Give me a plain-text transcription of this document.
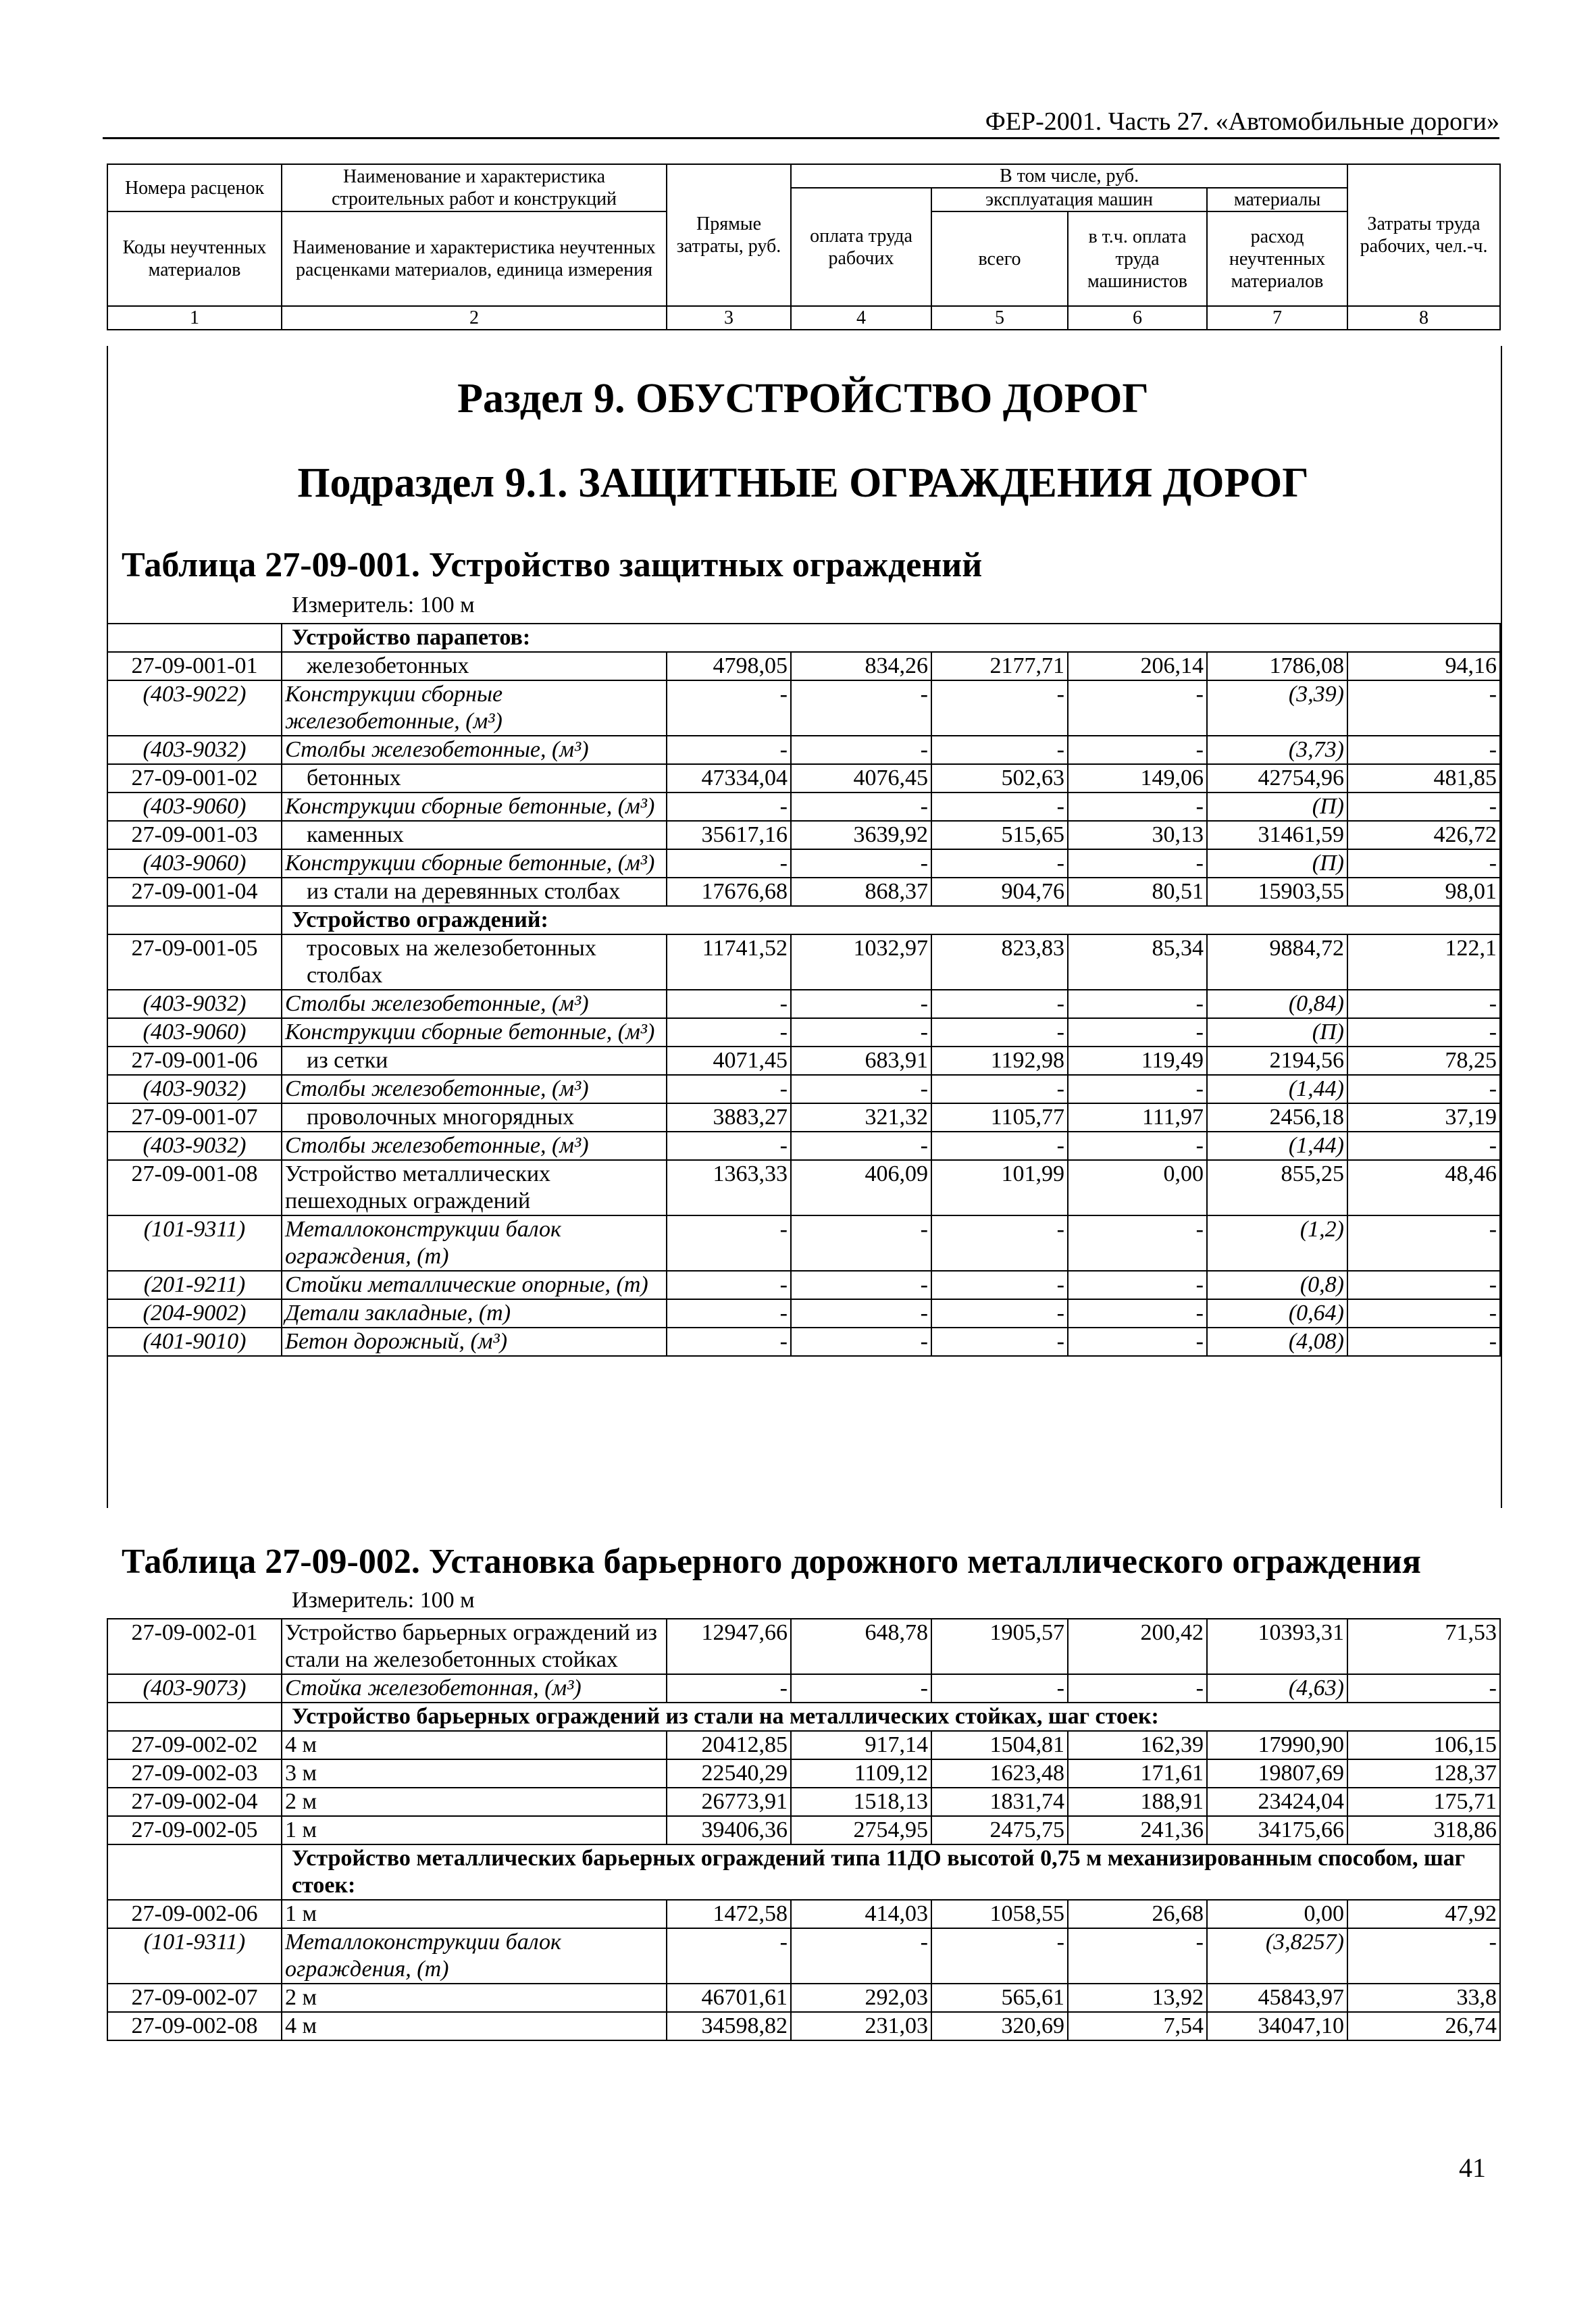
ФЕР-2001. Часть 27. «Автомобильные дороги»
Номера расценок	Наименование и характеристика строительных работ и конструкций	Прямые затраты, руб.	В том числе, руб.				Затраты труда рабочих, чел.-ч.
			оплата труда рабочих	эксплуатация машин		материалы	
Коды неучтенных материалов	Наименование и характеристика неучтенных расценками материалов, единица измерения			всего	в т.ч. оплата труда машинистов	расход неучтенных материалов	

1	2	3	4	5	6	7	8
Раздел 9. ОБУСТРОЙСТВО ДОРОГ
Подраздел 9.1. ЗАЩИТНЫЕ ОГРАЖДЕНИЯ ДОРОГ
Таблица 27-09-001. Устройство защитных ограждений
Измеритель: 100 м
	Устройство парапетов:						
27-09-001-01	железобетонных	4798,05	834,26	2177,71	206,14	1786,08	94,16
(403-9022)	Конструкции сборные железобетонные, (м³)	-	-	-	-	(3,39)	-
(403-9032)	Столбы железобетонные, (м³)	-	-	-	-	(3,73)	-
27-09-001-02	бетонных	47334,04	4076,45	502,63	149,06	42754,96	481,85
(403-9060)	Конструкции сборные бетонные, (м³)	-	-	-	-	(П)	-
27-09-001-03	каменных	35617,16	3639,92	515,65	30,13	31461,59	426,72
(403-9060)	Конструкции сборные бетонные, (м³)	-	-	-	-	(П)	-
27-09-001-04	из стали на деревянных столбах	17676,68	868,37	904,76	80,51	15903,55	98,01
	Устройство ограждений:						
27-09-001-05	тросовых на железобетонных столбах	11741,52	1032,97	823,83	85,34	9884,72	122,1
(403-9032)	Столбы железобетонные, (м³)	-	-	-	-	(0,84)	-
(403-9060)	Конструкции сборные бетонные, (м³)	-	-	-	-	(П)	-
27-09-001-06	из сетки	4071,45	683,91	1192,98	119,49	2194,56	78,25
(403-9032)	Столбы железобетонные, (м³)	-	-	-	-	(1,44)	-
27-09-001-07	проволочных многорядных	3883,27	321,32	1105,77	111,97	2456,18	37,19
(403-9032)	Столбы железобетонные, (м³)	-	-	-	-	(1,44)	-
27-09-001-08	Устройство металлических пешеходных ограждений	1363,33	406,09	101,99	0,00	855,25	48,46
(101-9311)	Металлоконструкции балок ограждения, (т)	-	-	-	-	(1,2)	-
(201-9211)	Стойки металлические опорные, (т)	-	-	-	-	(0,8)	-
(204-9002)	Детали закладные, (т)	-	-	-	-	(0,64)	-
(401-9010)	Бетон дорожный, (м³)	-	-	-	-	(4,08)	-
Таблица 27-09-002. Установка барьерного дорожного металлического ограждения
Измеритель: 100 м
27-09-002-01	Устройство барьерных ограждений из стали на железобетонных стойках	12947,66	648,78	1905,57	200,42	10393,31	71,53
(403-9073)	Стойка железобетонная, (м³)	-	-	-	-	(4,63)	-
	Устройство барьерных ограждений из стали на металлических стойках, шаг стоек:						
27-09-002-02	4 м	20412,85	917,14	1504,81	162,39	17990,90	106,15
27-09-002-03	3 м	22540,29	1109,12	1623,48	171,61	19807,69	128,37
27-09-002-04	2 м	26773,91	1518,13	1831,74	188,91	23424,04	175,71
27-09-002-05	1 м	39406,36	2754,95	2475,75	241,36	34175,66	318,86
	Устройство металлических барьерных ограждений типа 11ДО высотой 0,75 м механизированным способом, шаг стоек:						
27-09-002-06	1 м	1472,58	414,03	1058,55	26,68	0,00	47,92
(101-9311)	Металлоконструкции балок ограждения, (т)	-	-	-	-	(3,8257)	-
27-09-002-07	2 м	46701,61	292,03	565,61	13,92	45843,97	33,8
27-09-002-08	4 м	34598,82	231,03	320,69	7,54	34047,10	26,74
41
